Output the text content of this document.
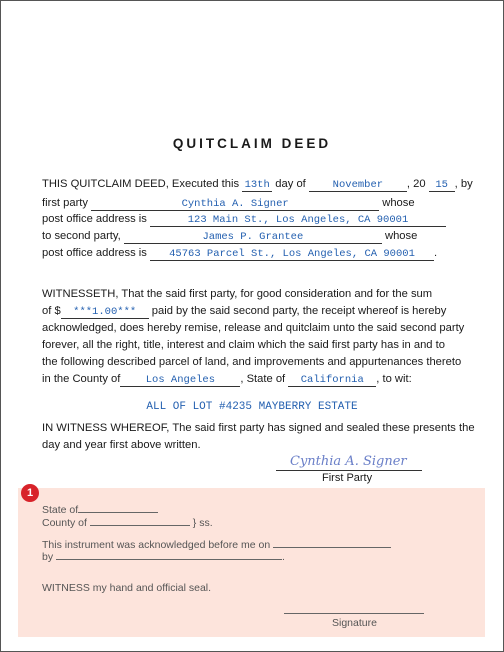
QUITCLAIM DEED
THIS QUITCLAIM DEED, Executed this 13th day of	November , 20 15 , by
first party	Cynthia A. Signer	whose
post office address is	123 Main St., Los Angeles, CA 90001
to second party,	James P. Grantee	whose
post office address is 45763 Parcel St., Los Angeles, CA 90001 .
WITNESSETH, That the said first party, for good consideration and for the sum
of $ ***1.00*** paid by the said second party, the receipt whereof is hereby
acknowledged, does hereby remise, release and quitclaim unto the said second party
forever, all the right, title, interest and claim which the said first party has in and to
the following described parcel of land, and improvements and appurtenances thereto
in the County of Los Angeles , State of California , to wit:
ALL OF LOT #4235 MAYBERRY ESTATE
IN WITNESS WHEREOF, The said first party has signed and sealed these presents the
day and year first above written.
Cynthia A. Signer
First Party
1
State of
County of	} ss.
This instrument was acknowledged before me on
by	.
WITNESS my hand and official seal.
Signature
